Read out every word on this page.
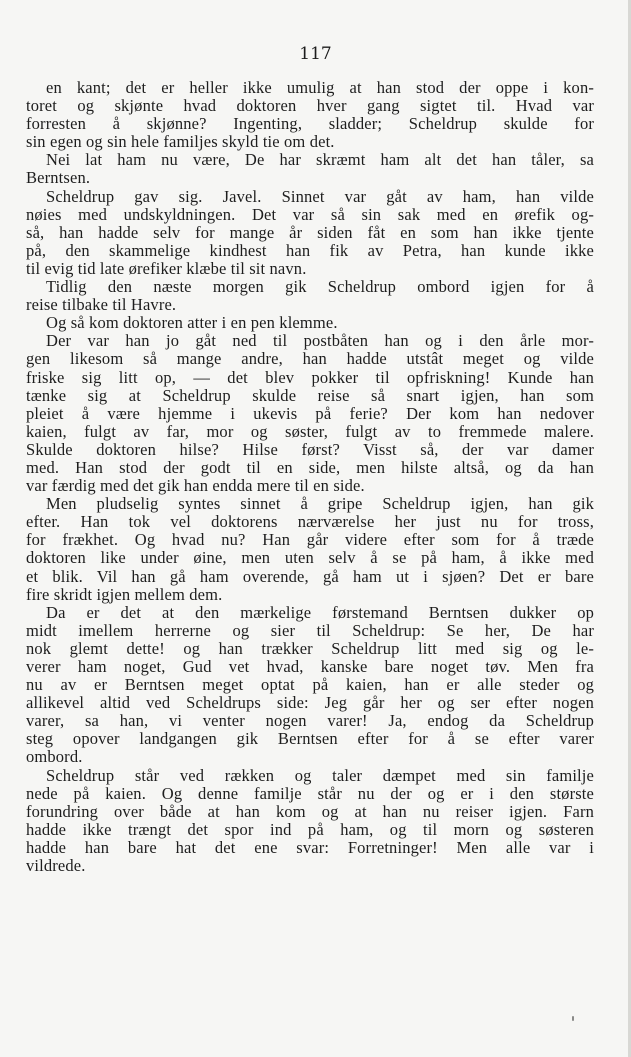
117
en kant; det er heller ikke umulig at han stod der oppe i kon-
toret og skjønte hvad doktoren hver gang sigtet til. Hvad var
forresten å skjønne? Ingenting, sladder; Scheldrup skulde for
sin egen og sin hele familjes skyld tie om det.
Nei lat ham nu være, De har skræmt ham alt det han tåler, sa
Berntsen.
Scheldrup gav sig. Javel. Sinnet var gåt av ham, han vilde
nøies med undskyldningen. Det var så sin sak med en ørefik og-
så, han hadde selv for mange år siden fåt en som han ikke tjente
på, den skammelige kindhest han fik av Petra, han kunde ikke
til evig tid late ørefiker klæbe til sit navn.
Tidlig den næste morgen gik Scheldrup ombord igjen for å
reise tilbake til Havre.
Og så kom doktoren atter i en pen klemme.
Der var han jo gåt ned til postbåten han og i den årle mor-
gen likesom så mange andre, han hadde utstât meget og vilde
friske sig litt op, — det blev pokker til opfriskning! Kunde han
tænke sig at Scheldrup skulde reise så snart igjen, han som
pleiet å være hjemme i ukevis på ferie? Der kom han nedover
kaien, fulgt av far, mor og søster, fulgt av to fremmede malere.
Skulde doktoren hilse? Hilse først? Visst så, der var damer
med. Han stod der godt til en side, men hilste altså, og da han
var færdig med det gik han endda mere til en side.
Men pludselig syntes sinnet å gripe Scheldrup igjen, han gik
efter. Han tok vel doktorens nærværelse her just nu for tross,
for frækhet. Og hvad nu? Han går videre efter som for å træde
doktoren like under øine, men uten selv å se på ham, å ikke med
et blik. Vil han gå ham overende, gå ham ut i sjøen? Det er bare
fire skridt igjen mellem dem.
Da er det at den mærkelige førstemand Berntsen dukker op
midt imellem herrerne og sier til Scheldrup: Se her, De har
nok glemt dette! og han trækker Scheldrup litt med sig og le-
verer ham noget, Gud vet hvad, kanske bare noget tøv. Men fra
nu av er Berntsen meget optat på kaien, han er alle steder og
allikevel altid ved Scheldrups side: Jeg går her og ser efter nogen
varer, sa han, vi venter nogen varer! Ja, endog da Scheldrup
steg opover landgangen gik Berntsen efter for å se efter varer
ombord.
Scheldrup står ved rækken og taler dæmpet med sin familje
nede på kaien. Og denne familje står nu der og er i den største
forundring over både at han kom og at han nu reiser igjen. Farn
hadde ikke trængt det spor ind på ham, og til morn og søsteren
hadde han bare hat det ene svar: Forretninger! Men alle var i
vildrede.
